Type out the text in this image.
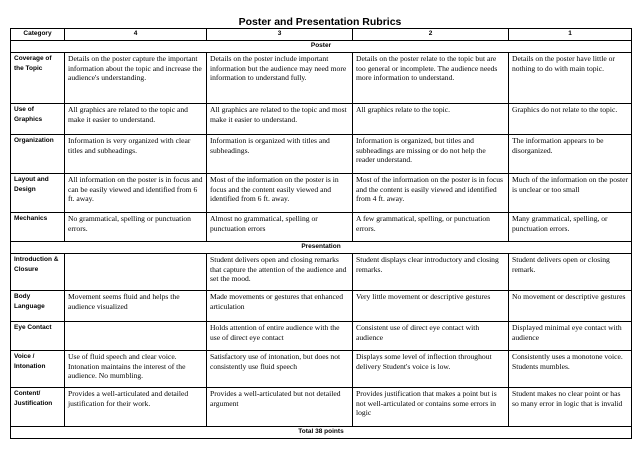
Poster and Presentation Rubrics
Category	4	3	2	1
Poster				
Coverage of the Topic	Details on the poster capture the important information about the topic and increase the audience's understanding.	Details on the poster include important information but the audience may need more information to understand fully.	Details on the poster relate to the topic but are too general or incomplete. The audience needs more information to understand.	Details on the poster have little or nothing to do with main topic.
Use of Graphics	All graphics are related to the topic and make it easier to understand.	All graphics are related to the topic and most make it easier to understand.	All graphics relate to the topic.	Graphics do not relate to the topic.
Organization	Information is very organized with clear titles and subheadings.	Information is organized with titles and subheadings.	Information is organized, but titles and subheadings are missing or do not help the reader understand.	The information appears to be disorganized.
Layout and Design	All information on the poster is in focus and can be easily viewed and identified from 6 ft. away.	Most of the information on the poster is in focus and the content easily viewed and identified from 6 ft. away.	Most of the information on the poster is in focus and the content is easily viewed and identified from 4 ft. away.	Much of the information on the poster is unclear or too small
Mechanics	No grammatical, spelling or punctuation errors.	Almost no grammatical, spelling or punctuation errors	A few grammatical, spelling, or punctuation errors.	Many grammatical, spelling, or punctuation errors.
Presentation				
Introduction & Closure		Student delivers open and closing remarks that capture the attention of the audience and set the mood.	Student displays clear introductory and closing remarks.	Student delivers open or closing remark.
Body Language	Movement seems fluid and helps the audience visualized	Made movements or gestures that enhanced articulation	Very little movement or descriptive gestures	No movement or descriptive gestures
Eye Contact		Holds attention of entire audience with the use of direct eye contact	Consistent use of direct eye contact with audience	Displayed minimal eye contact with audience
Voice / Intonation	Use of fluid speech and clear voice. Intonation maintains the interest of the audience. No mumbling.	Satisfactory use of intonation, but does not consistently use fluid speech	Displays some level of inflection throughout delivery Student's voice is low.	Consistently uses a monotone voice. Students mumbles.
Content/ Justification	Provides a well-articulated and detailed justification for their work.	Provides a well-articulated but not detailed argument	Provides justification that makes a point but is not well-articulated or contains some errors in logic	Student makes no clear point or has so many error in logic that is invalid
Total 38 points				
